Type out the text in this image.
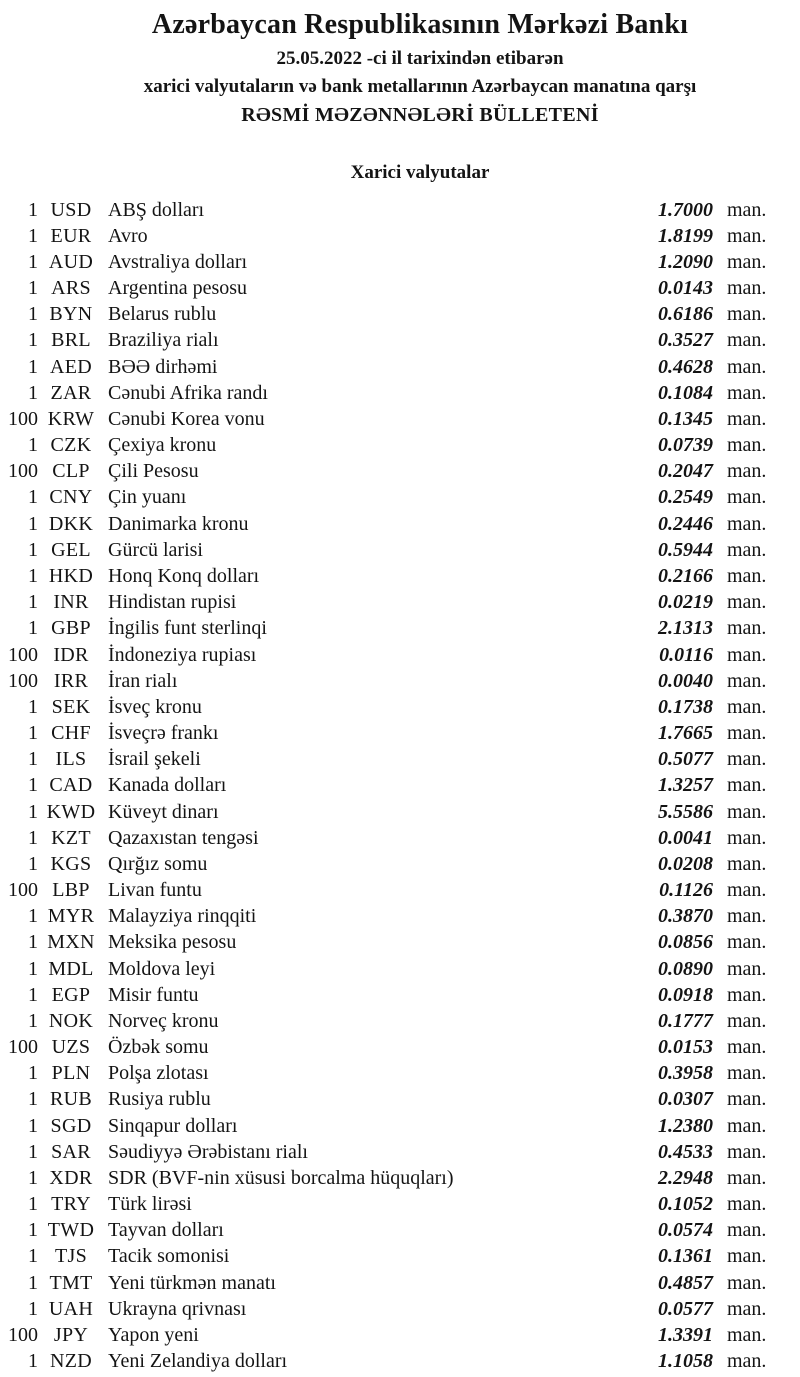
Azərbaycan Respublikasının Mərkəzi Bankı
25.05.2022 -ci il tarixindən etibarən
xarici valyutaların və bank metallarının Azərbaycan manatına qarşı
RƏSMİ MƏZƏNNƏLƏRİ BÜLLETENİ
Xarici valyutalar
1 USD ABŞ dolları	1.7000 man.
1 EUR Avro	1.8199 man.
1 AUD Avstraliya dolları	1.2090 man.
1 ARS Argentina pesosu	0.0143 man.
1 BYN Belarus rublu	0.6186 man.
1 BRL Braziliya rialı	0.3527 man.
1 AED BƏƏ dirhəmi	0.4628 man.
1 ZAR Cənubi Afrika randı	0.1084 man.
100 KRW Cənubi Korea vonu	0.1345 man.
1 CZK Çexiya kronu	0.0739 man.
100 CLP Çili Pesosu	0.2047 man.
1 CNY Çin yuanı	0.2549 man.
1 DKK Danimarka kronu	0.2446 man.
1 GEL Gürcü larisi	0.5944 man.
1 HKD Honq Konq dolları	0.2166 man.
1 INR Hindistan rupisi	0.0219 man.
1 GBP İngilis funt sterlinqi	2.1313 man.
100 IDR İndoneziya rupiası	0.0116 man.
100 IRR İran rialı	0.0040 man.
1 SEK İsveç kronu	0.1738 man.
1 CHF İsveçrə frankı	1.7665 man.
1 ILS	İsrail şekeli	0.5077 man.
1 CAD Kanada dolları	1.3257 man.
1 KWD Küveyt dinarı	5.5586 man.
1 KZT Qazaxıstan tengəsi	0.0041 man.
1 KGS Qırğız somu	0.0208 man.
100 LBP Livan funtu	0.1126 man.
1 MYR Malayziya rinqqiti	0.3870 man.
1 MXN Meksika pesosu	0.0856 man.
1 MDL Moldova leyi	0.0890 man.
1 EGP Misir funtu	0.0918 man.
1 NOK Norveç kronu	0.1777 man.
100 UZS Özbək somu	0.0153 man.
1 PLN Polşa zlotası	0.3958 man.
1 RUB Rusiya rublu	0.0307 man.
1 SGD Sinqapur dolları	1.2380 man.
1 SAR Səudiyyə Ərəbistanı rialı	0.4533 man.
1 XDR SDR (BVF-nin xüsusi borcalma hüquqları)	2.2948 man.
1 TRY Türk lirəsi	0.1052 man.
1 TWD Tayvan dolları	0.0574 man.
1 TJS	Tacik somonisi	0.1361 man.
1 TMT Yeni türkmən manatı	0.4857 man.
1 UAH Ukrayna qrivnası	0.0577 man.
100 JPY Yapon yeni	1.3391 man.
1 NZD Yeni Zelandiya dolları	1.1058 man.
